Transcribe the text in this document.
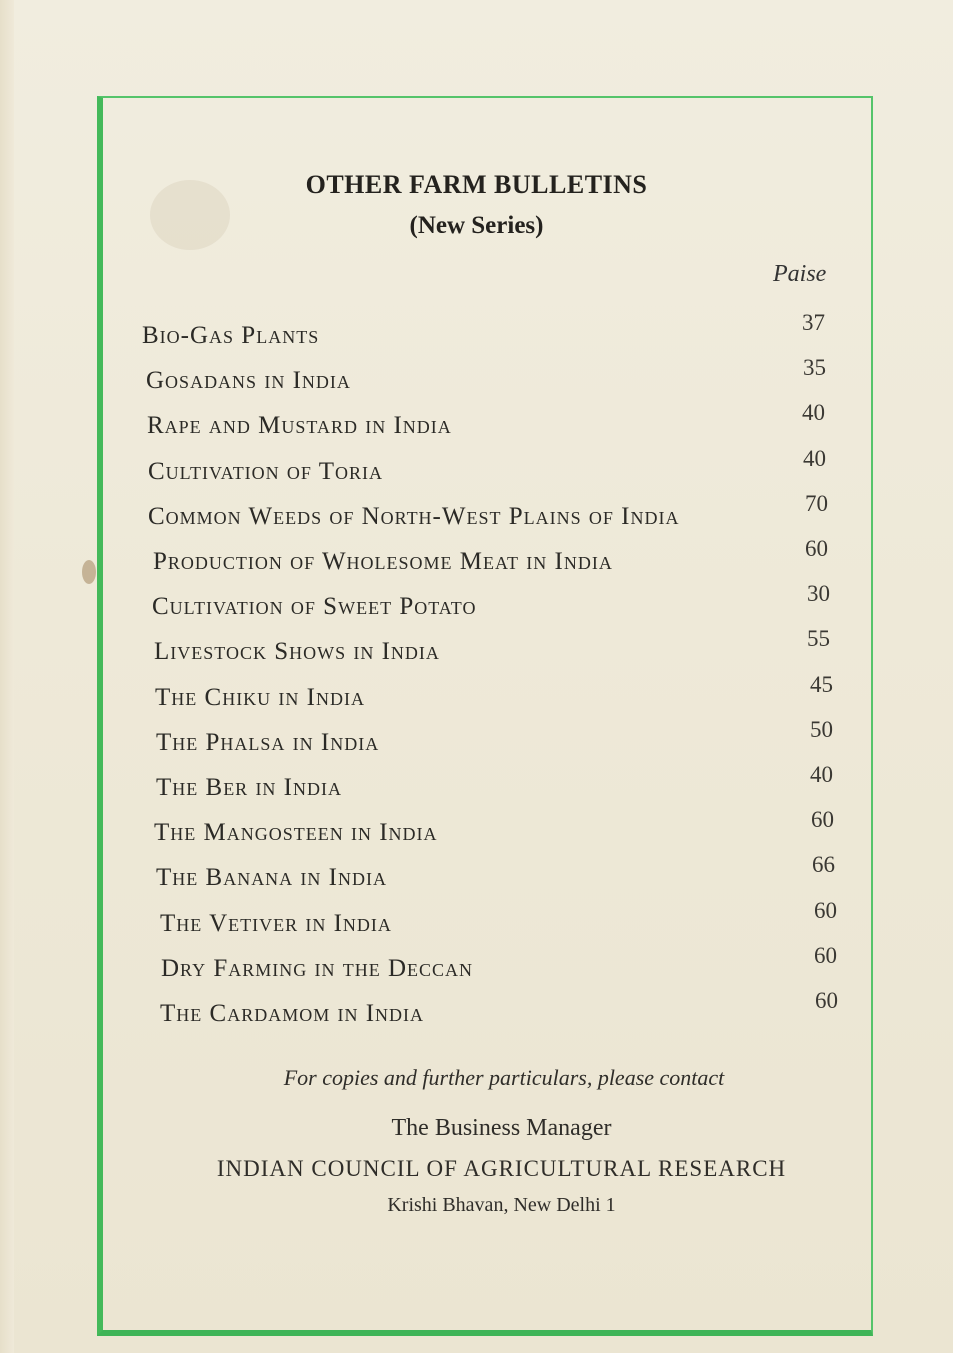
OTHER FARM BULLETINS
(New Series)
Paise
Bio-Gas Plants	37
Gosadans in India	35
Rape and Mustard in India	40
Cultivation of Toria	40
Common Weeds of North-West Plains of India	70
Production of Wholesome Meat in India	60
Cultivation of Sweet Potato	30
Livestock Shows in India	55
The Chiku in India	45
The Phalsa in India	50
The Ber in India	40
The Mangosteen in India	60
The Banana in India	66
The Vetiver in India	60
Dry Farming in the Deccan	60
The Cardamom in India	60
For copies and further particulars, please contact
The Business Manager
INDIAN COUNCIL OF AGRICULTURAL RESEARCH
Krishi Bhavan, New Delhi 1
